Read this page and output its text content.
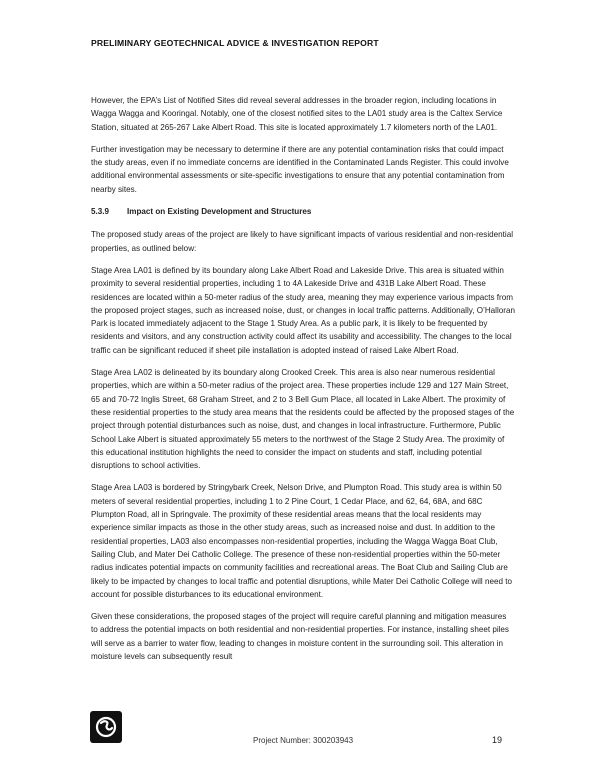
PRELIMINARY GEOTECHNICAL ADVICE & INVESTIGATION REPORT

However, the EPA’s List of Notified Sites did reveal several addresses in the broader region, including locations in Wagga Wagga and Kooringal. Notably, one of the closest notified sites to the LA01 study area is the Caltex Service Station, situated at 265-267 Lake Albert Road. This site is located approximately 1.7 kilometers north of the LA01.

Further investigation may be necessary to determine if there are any potential contamination risks that could impact the study areas, even if no immediate concerns are identified in the Contaminated Lands Register. This could involve additional environmental assessments or site-specific investigations to ensure that any potential contamination from nearby sites.

5.3.9	Impact on Existing Development and Structures

The proposed study areas of the project are likely to have significant impacts of various residential and non-residential properties, as outlined below:

Stage Area LA01 is defined by its boundary along Lake Albert Road and Lakeside Drive. This area is situated within proximity to several residential properties, including 1 to 4A Lakeside Drive and 431B Lake Albert Road. These residences are located within a 50-meter radius of the study area, meaning they may experience various impacts from the proposed project stages, such as increased noise, dust, or changes in local traffic patterns. Additionally, O’Halloran Park is located immediately adjacent to the Stage 1 Study Area. As a public park, it is likely to be frequented by residents and visitors, and any construction activity could affect its usability and accessibility. The changes to the local traffic can be significant reduced if sheet pile installation is adopted instead of raised Lake Albert Road.

Stage Area LA02 is delineated by its boundary along Crooked Creek. This area is also near numerous residential properties, which are within a 50-meter radius of the project area. These properties include 129 and 127 Main Street, 65 and 70-72 Inglis Street, 68 Graham Street, and 2 to 3 Bell Gum Place, all located in Lake Albert. The proximity of these residential properties to the study area means that the residents could be affected by the proposed stages of the project through potential disturbances such as noise, dust, and changes in local infrastructure. Furthermore, Public School Lake Albert is situated approximately 55 meters to the northwest of the Stage 2 Study Area. The proximity of this educational institution highlights the need to consider the impact on students and staff, including potential disruptions to school activities.

Stage Area LA03 is bordered by Stringybark Creek, Nelson Drive, and Plumpton Road. This study area is within 50 meters of several residential properties, including 1 to 2 Pine Court, 1 Cedar Place, and 62, 64, 68A, and 68C Plumpton Road, all in Springvale. The proximity of these residential areas means that the local residents may experience similar impacts as those in the other study areas, such as increased noise and dust. In addition to the residential properties, LA03 also encompasses non-residential properties, including the Wagga Wagga Boat Club, Sailing Club, and Mater Dei Catholic College. The presence of these non-residential properties within the 50-meter radius indicates potential impacts on community facilities and recreational areas. The Boat Club and Sailing Club are likely to be impacted by changes to local traffic and potential disruptions, while Mater Dei Catholic College will need to account for possible disturbances to its educational environment.

Given these considerations, the proposed stages of the project will require careful planning and mitigation measures to address the potential impacts on both residential and non-residential properties. For instance, installing sheet piles will serve as a barrier to water flow, leading to changes in moisture content in the surrounding soil. This alteration in moisture levels can subsequently result

Project Number: 300203943	19
